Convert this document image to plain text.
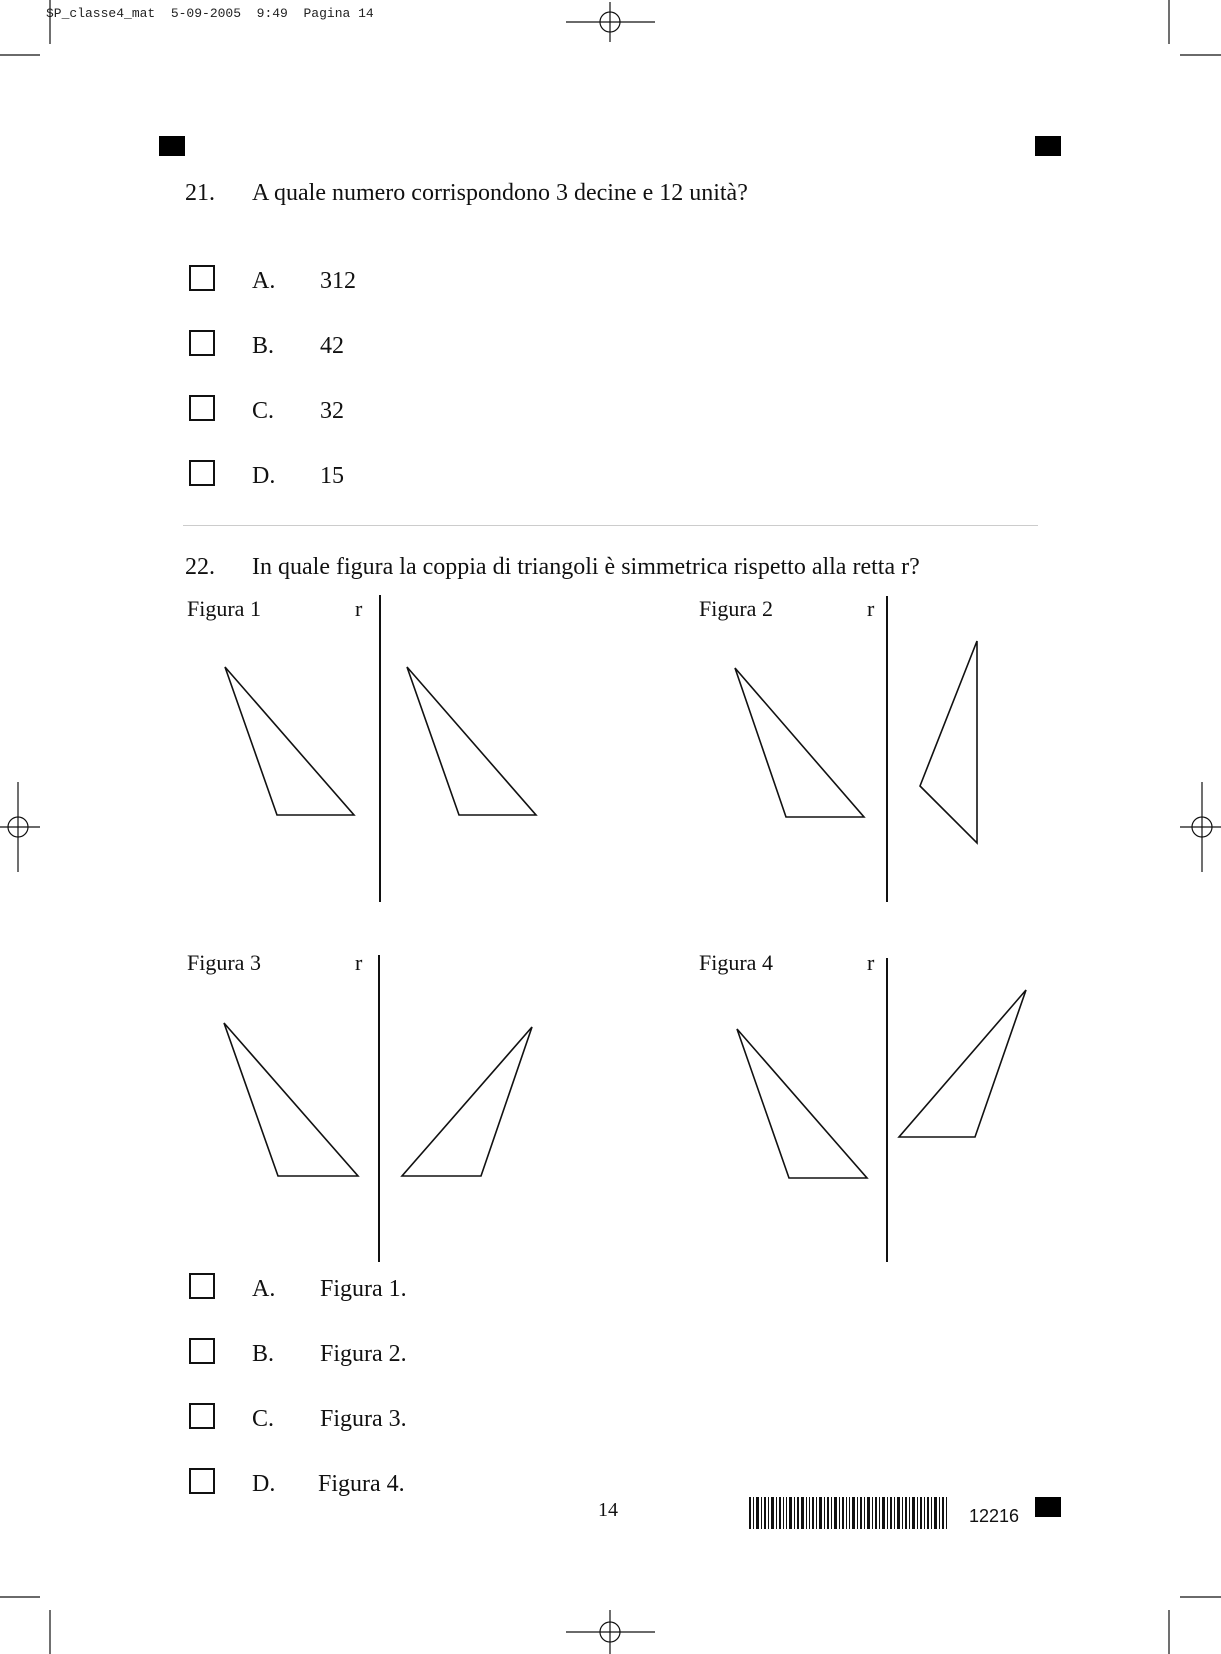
SP_classe4_mat 5-09-2005 9:49 Pagina 14
21. A quale numero corrispondono 3 decine e 12 unità?
A. 312
B. 42
C. 32
D. 15
22. In quale figura la coppia di triangoli è simmetrica rispetto alla retta r?
Figura 1	r	Figura 2	r
Figura 3	r	Figura 4	r
A. Figura 1.
B. Figura 2.
C. Figura 3.
D. Figura 4.
14	12216
